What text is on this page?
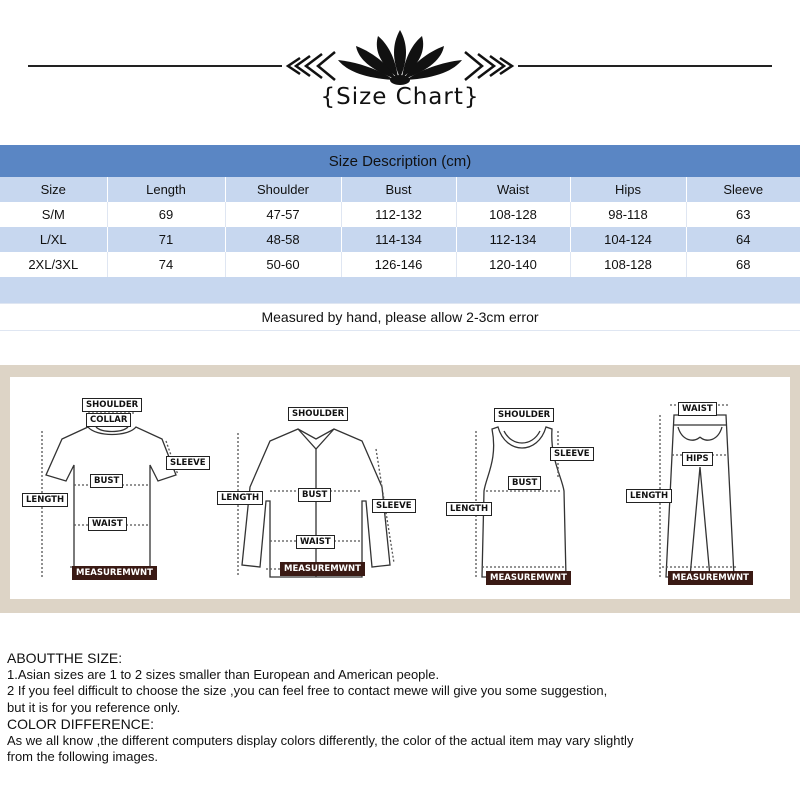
{Size Chart}
Size Description (cm)
Size	Length	Shoulder	Bust	Waist	Hips	Sleeve
S/M	69	47-57	112-132	108-128	98-118	63
L/XL	71	48-58	114-134	112-134	104-124	64
2XL/3XL	74	50-60	126-146	120-140	108-128	68
Measured by hand, please allow 2-3cm error
SHOULDER
COLLAR
SLEEVE
LENGTH
BUST
WAIST
MEASUREMWNT
SHOULDER
LENGTH	BUST
SLEEVE
WAIST
MEASUREMWNT
SHOULDER
SLEEVE
BUST
LENGTH
MEASUREMWNT
WAIST
HIPS
LENGTH
MEASUREMWNT
ABOUTTHE SIZE:
1.Asian sizes are 1 to 2 sizes smaller than European and American people.
2 If you feel difficult to choose the size ,you can feel free to contact mewe will give you some suggestion,
but it is for you reference only.
COLOR DIFFERENCE:
As we all know ,the different computers display colors differently, the color of the actual item may vary slightly
from the following images.
